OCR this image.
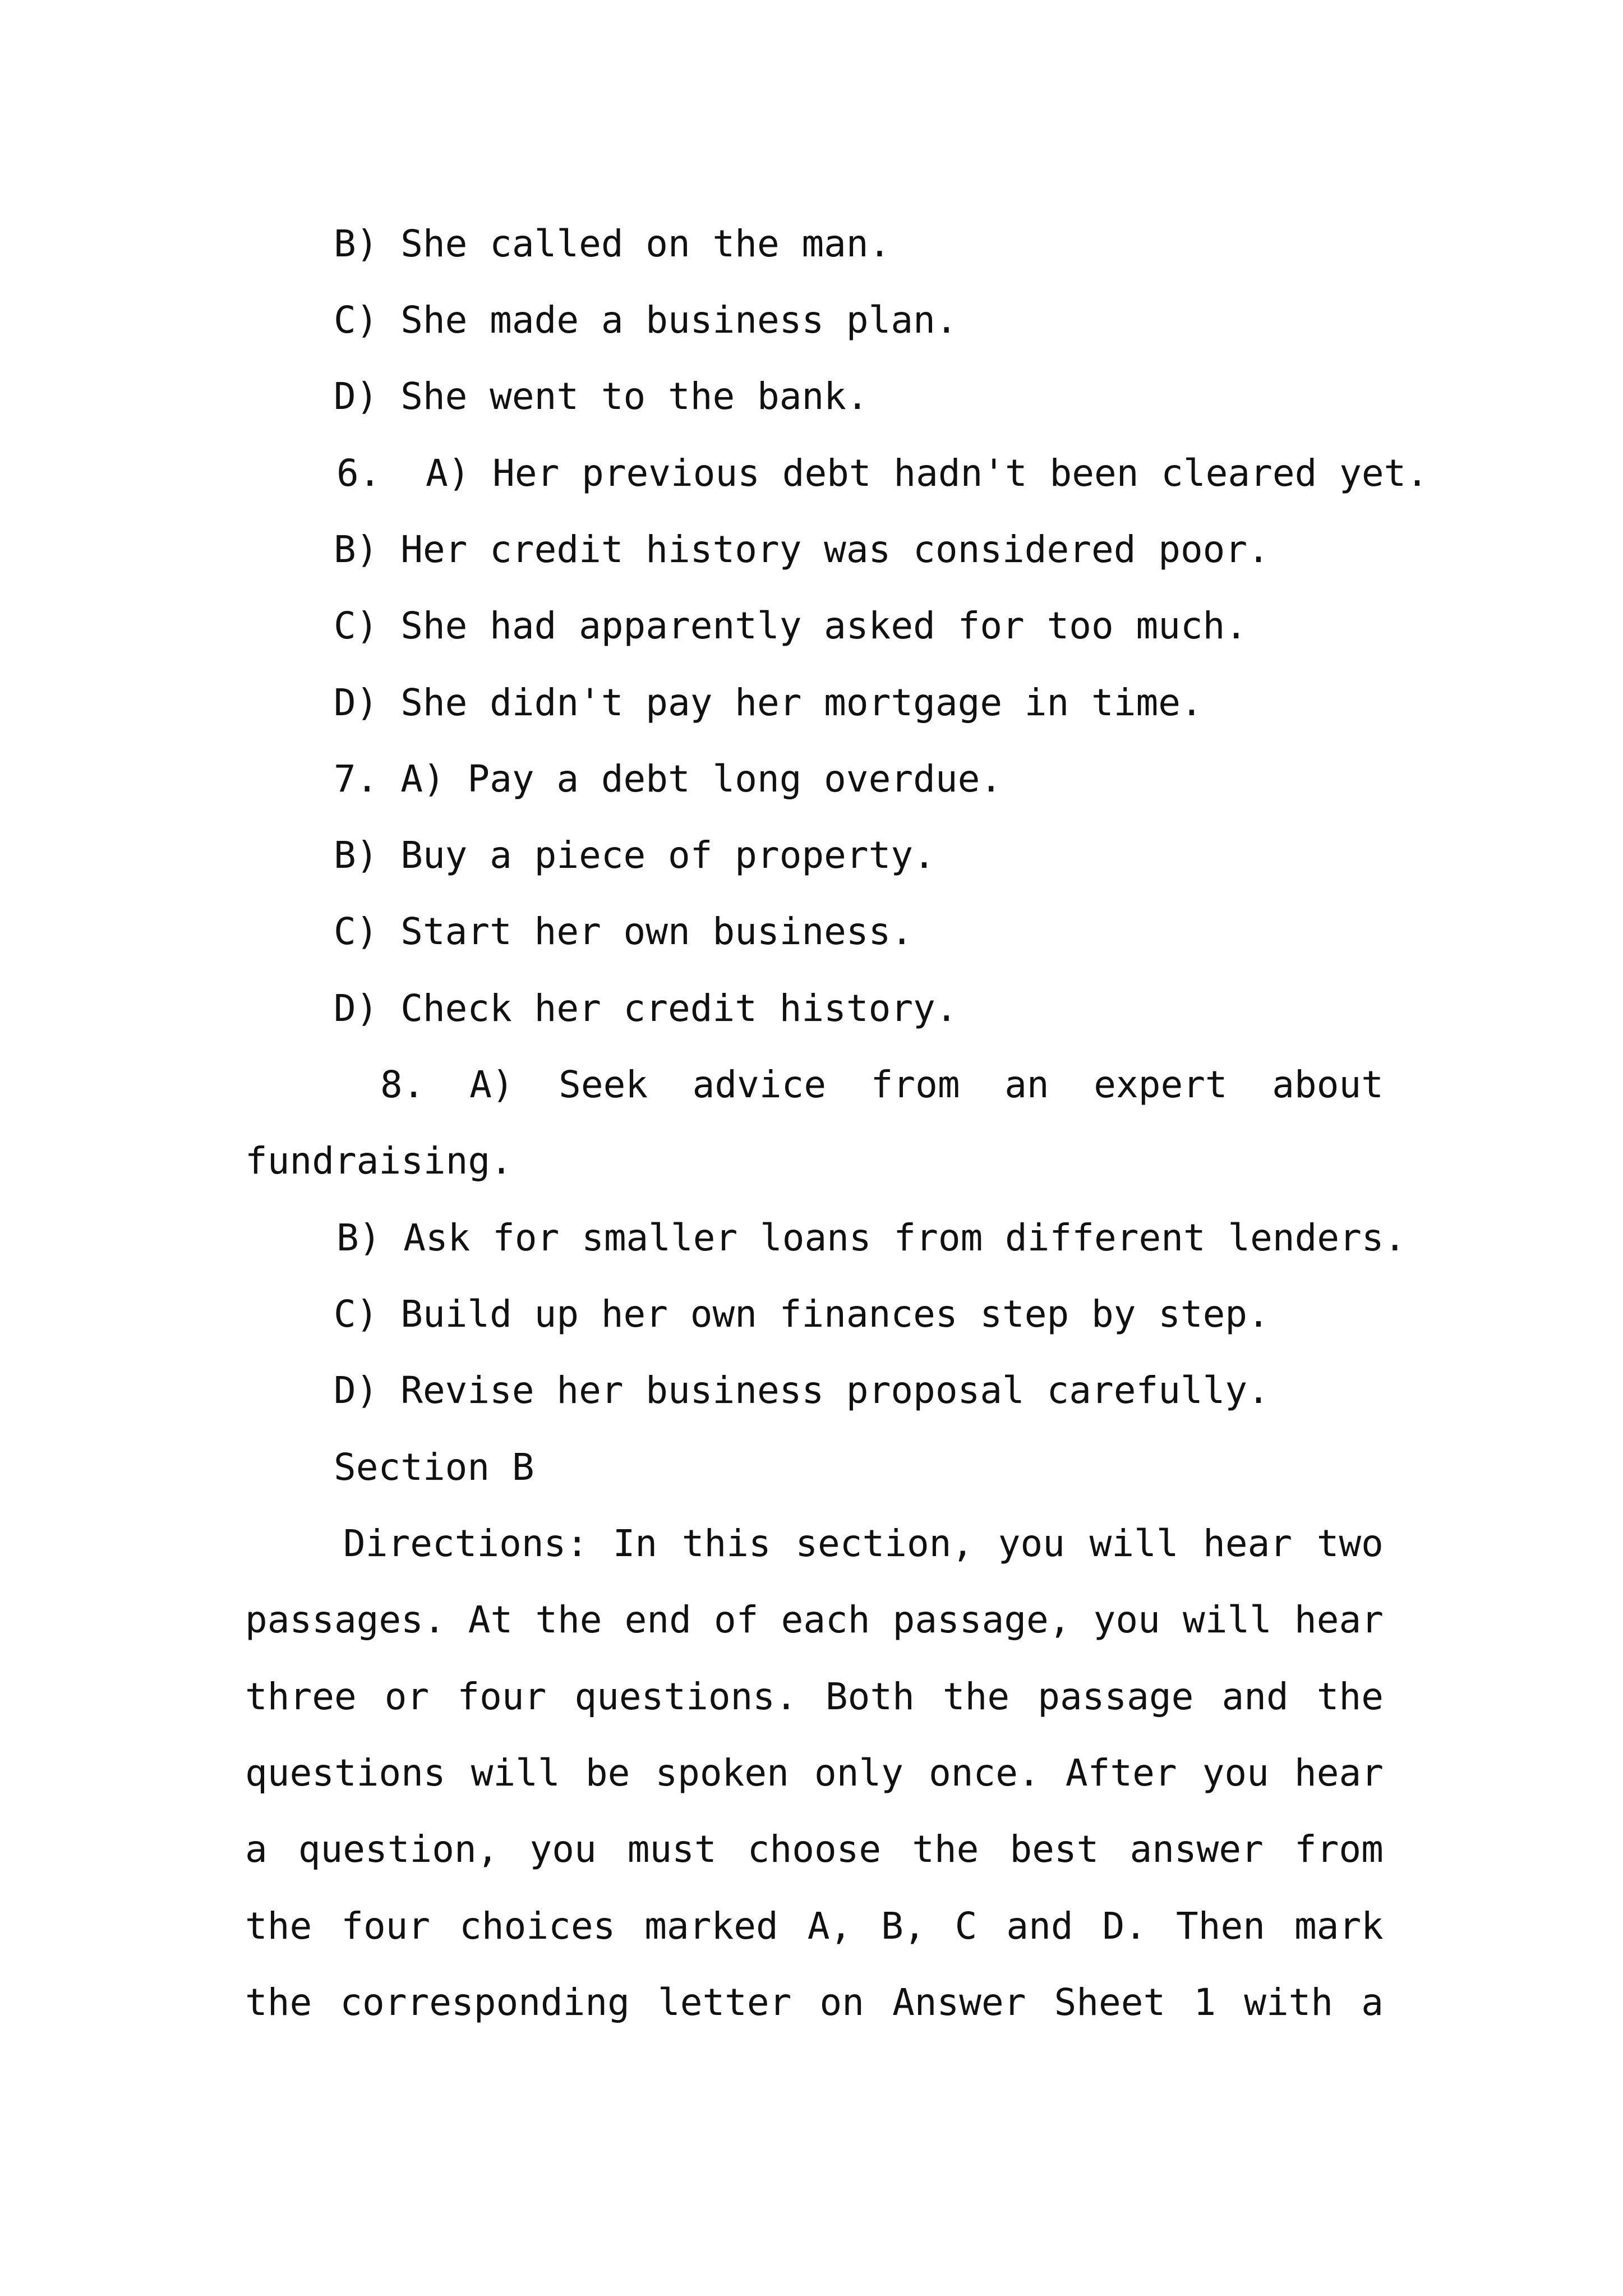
B) She called on the man.
C) She made a business plan.
D) She went to the bank.
6.  A) Her previous debt hadn't been cleared yet.
B) Her credit history was considered poor.
C) She had apparently asked for too much.
D) She didn't pay her mortgage in time.
7. A) Pay a debt long overdue.
B) Buy a piece of property.
C) Start her own business.
D) Check her credit history.
8. A) Seek advice from an expert about
fundraising.
B) Ask for smaller loans from different lenders.
C) Build up her own finances step by step.
D) Revise her business proposal carefully.
Section B
Directions: In this section, you will hear two
passages. At the end of each passage, you will hear
three or four questions. Both the passage and the
questions will be spoken only once. After you hear
a question, you must choose the best answer from
the four choices marked A, B, C and D. Then mark
the corresponding letter on Answer Sheet 1 with a
